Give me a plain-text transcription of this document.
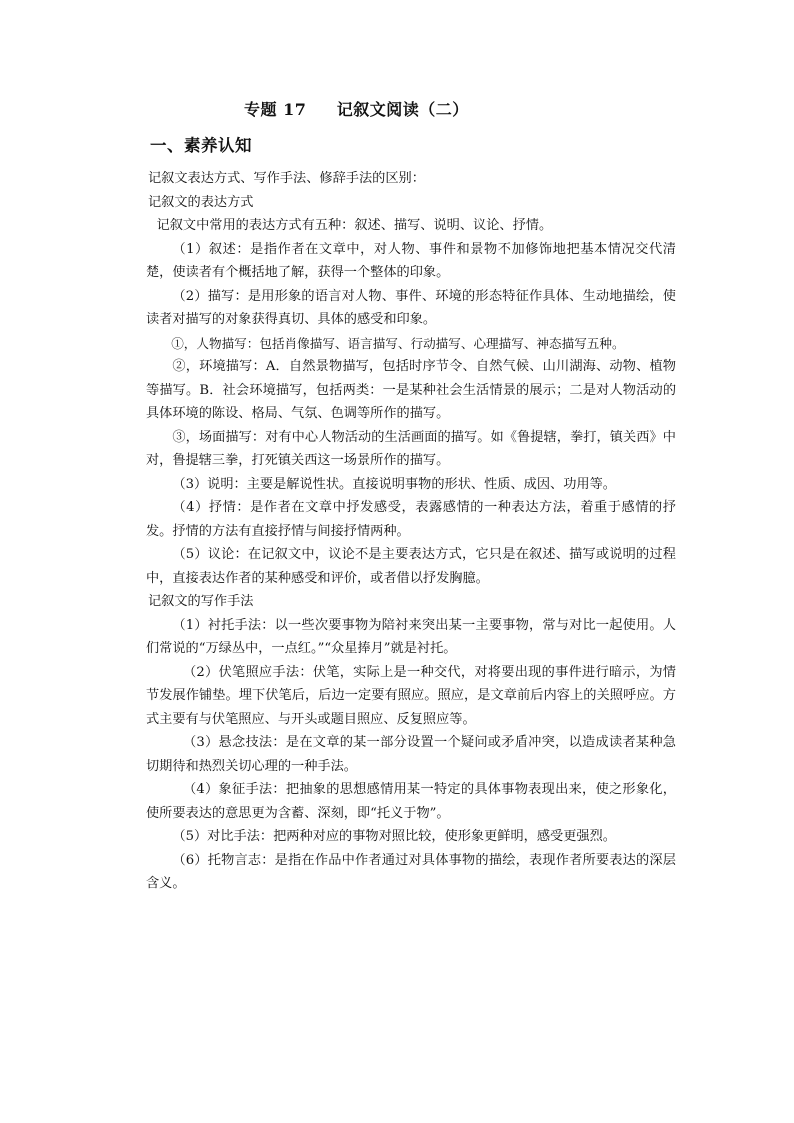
专题 17     记叙文阅读（二）
一、素养认知

记叙文表达方式、写作手法、修辞手法的区别：

记叙文的表达方式

记叙文中常用的表达方式有五种：叙述、描写、说明、议论、抒情。

（1）叙述：是指作者在文章中，对人物、事件和景物不加修饰地把基本情况交代清楚，使读者有个概括地了解，获得一个整体的印象。

（2）描写：是用形象的语言对人物、事件、环境的形态特征作具体、生动地描绘，使读者对描写的对象获得真切、具体的感受和印象。

①，人物描写：包括肖像描写、语言描写、行动描写、心理描写、神态描写五种。

②，环境描写：A．自然景物描写，包括时序节令、自然气候、山川湖海、动物、植物等描写。B．社会环境描写，包括两类：一是某种社会生活情景的展示；二是对人物活动的具体环境的陈设、格局、气氛、色调等所作的描写。

③，场面描写：对有中心人物活动的生活画面的描写。如《鲁提辖，拳打，镇关西》中对，鲁提辖三拳，打死镇关西这一场景所作的描写。

（3）说明：主要是解说性状。直接说明事物的形状、性质、成因、功用等。

（4）抒情：是作者在文章中抒发感受，表露感情的一种表达方法，着重于感情的抒发。抒情的方法有直接抒情与间接抒情两种。

（5）议论：在记叙文中，议论不是主要表达方式，它只是在叙述、描写或说明的过程中，直接表达作者的某种感受和评价，或者借以抒发胸臆。

记叙文的写作手法

（1）衬托手法：以一些次要事物为陪衬来突出某一主要事物，常与对比一起使用。人们常说的“万绿丛中，一点红。”“众星捧月”就是衬托。

（2）伏笔照应手法：伏笔，实际上是一种交代，对将要出现的事件进行暗示，为情节发展作铺垫。埋下伏笔后，后边一定要有照应。照应，是文章前后内容上的关照呼应。方式主要有与伏笔照应、与开头或题目照应、反复照应等。

（3）悬念技法：是在文章的某一部分设置一个疑问或矛盾冲突，以造成读者某种急切期待和热烈关切心理的一种手法。

（4）象征手法：把抽象的思想感情用某一特定的具体事物表现出来，使之形象化，使所要表达的意思更为含蓄、深刻，即“托义于物”。

（5）对比手法：把两种对应的事物对照比较，使形象更鲜明，感受更强烈。

（6）托物言志：是指在作品中作者通过对具体事物的描绘，表现作者所要表达的深层含义。
